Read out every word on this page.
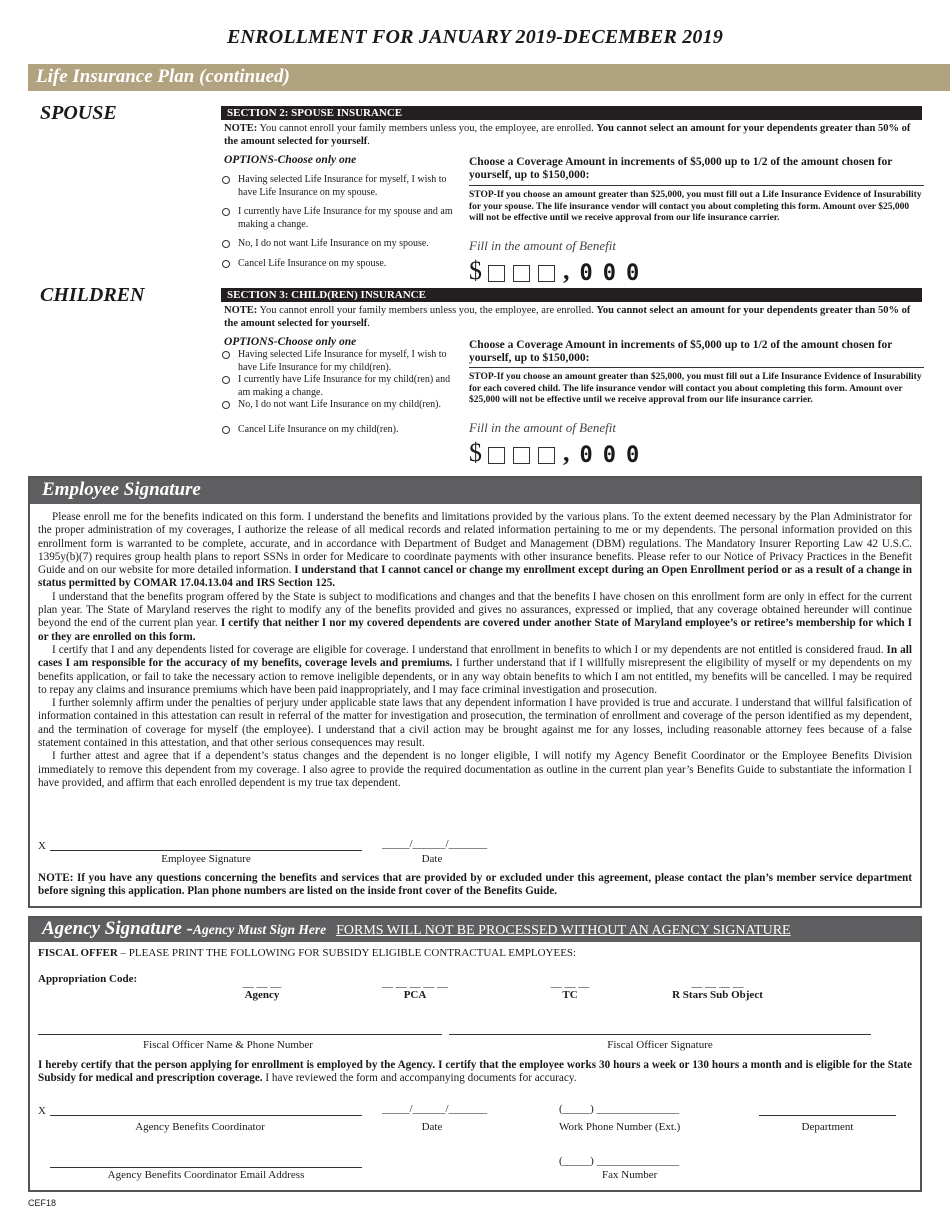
ENROLLMENT FOR JANUARY 2019-DECEMBER 2019
Life Insurance Plan (continued)
SPOUSE	SECTION 2: SPOUSE INSURANCE
NOTE: You cannot enroll your family members unless you, the employee, are enrolled. You cannot select an amount for your dependents greater than 50% of the amount selected for yourself.
OPTIONS-Choose only one
Having selected Life Insurance for myself, I wish to have Life Insurance on my spouse.
I currently have Life Insurance for my spouse and am making a change.
No, I do not want Life Insurance on my spouse.
Cancel Life Insurance on my spouse.
Choose a Coverage Amount in increments of $5,000 up to 1/2 of the amount chosen for yourself, up to $150,000:
STOP-If you choose an amount greater than $25,000, you must fill out a Life Insurance Evidence of Insurability for your spouse. The life insurance vendor will contact you about completing this form. Amount over $25,000 will not be effective until we receive approval from our life insurance carrier.
Fill in the amount of Benefit
$	, 0 0 0
CHILDREN	SECTION 3: CHILD(REN) INSURANCE
NOTE: You cannot enroll your family members unless you, the employee, are enrolled. You cannot select an amount for your dependents greater than 50% of the amount selected for yourself.
OPTIONS-Choose only one
Having selected Life Insurance for myself, I wish to have Life Insurance for my child(ren).
I currently have Life Insurance for my child(ren) and am making a change.
No, I do not want Life Insurance on my child(ren).
Cancel Life Insurance on my child(ren).
Choose a Coverage Amount in increments of $5,000 up to 1/2 of the amount chosen for yourself, up to $150,000:
STOP-If you choose an amount greater than $25,000, you must fill out a Life Insurance Evidence of Insurability for each covered child. The life insurance vendor will contact you about completing this form. Amount over $25,000 will not be effective until we receive approval from our life insurance carrier.
Fill in the amount of Benefit
$	, 0 0 0
Employee Signature

Please enroll me for the benefits indicated on this form. I understand the benefits and limitations provided by the various plans. To the extent deemed necessary by the Plan Administrator for the proper administration of my coverages, I authorize the release of all medical records and related information pertaining to me or my dependents. The personal information provided on this enrollment form is warranted to be complete, accurate, and in accordance with Department of Budget and Management (DBM) regulations. The Mandatory Insurer Reporting Law 42 U.S.C. 1395y(b)(7) requires group health plans to report SSNs in order for Medicare to coordinate payments with other insurance benefits. Please refer to our Notice of Privacy Practices in the Benefit Guide and on our website for more detailed information. I understand that I cannot cancel or change my enrollment except during an Open Enrollment period or as a result of a change in status permitted by COMAR 17.04.13.04 and IRS Section 125.

I understand that the benefits program offered by the State is subject to modifications and changes and that the benefits I have chosen on this enrollment form are only in effect for the current plan year. The State of Maryland reserves the right to modify any of the benefits provided and gives no assurances, expressed or implied, that any coverage obtained hereunder will continue beyond the end of the current plan year. I certify that neither I nor my covered dependents are covered under another State of Maryland employee’s or retiree’s membership for which I or they are enrolled on this form.

I certify that I and any dependents listed for coverage are eligible for coverage. I understand that enrollment in benefits to which I or my dependents are not entitled is considered fraud. In all cases I am responsible for the accuracy of my benefits, coverage levels and premiums. I further understand that if I willfully misrepresent the eligibility of myself or my dependents on my benefits application, or fail to take the necessary action to remove ineligible dependents, or in any way obtain benefits to which I am not entitled, my benefits will be cancelled. I may be required to repay any claims and insurance premiums which have been paid inappropriately, and I may face criminal investigation and prosecution.

I further solemnly affirm under the penalties of perjury under applicable state laws that any dependent information I have provided is true and accurate. I understand that willful falsification of information contained in this attestation can result in referral of the matter for investigation and prosecution, the termination of enrollment and coverage of the person identified as my dependent, and the termination of coverage for myself (the employee). I understand that a civil action may be brought against me for any losses, including reasonable attorney fees because of a false statement contained in this attestation, and that other serious consequences may result.

I further attest and agree that if a dependent’s status changes and the dependent is no longer eligible, I will notify my Agency Benefit Coordinator or the Employee Benefits Division immediately to remove this dependent from my coverage. I also agree to provide the required documentation as outline in the current plan year’s Benefits Guide to substantiate the information I have provided, and affirm that each enrolled dependent is my true tax dependent.

X	_____/______/_______
Employee Signature	Date
NOTE: If you have any questions concerning the benefits and services that are provided by or excluded under this agreement, please contact the plan’s member service department before signing this application. Plan phone numbers are listed on the inside front cover of the Benefits Guide.
Agency Signature - Agency Must Sign Here FORMS WILL NOT BE PROCESSED WITHOUT AN AGENCY SIGNATURE
FISCAL OFFER – PLEASE PRINT THE FOLLOWING FOR SUBSIDY ELIGIBLE CONTRACTUAL EMPLOYEES:
Appropriation Code:	__ __ __
Agency
__ __ __ __ __
PCA
__ __ __
TC
__ __ __ __
R Stars Sub Object
Fiscal Officer Name & Phone Number	Fiscal Officer Signature
I hereby certify that the person applying for enrollment is employed by the Agency. I certify that the employee works 30 hours a week or 130 hours a month and is eligible for the State Subsidy for medical and prescription coverage. I have reviewed the form and accompanying documents for accuracy.
X	_____/______/_______	(_____) _______________
Agency Benefits Coordinator	Date	Work Phone Number (Ext.)	Department
(_____) _______________
Agency Benefits Coordinator Email Address	Fax Number
CEF18
